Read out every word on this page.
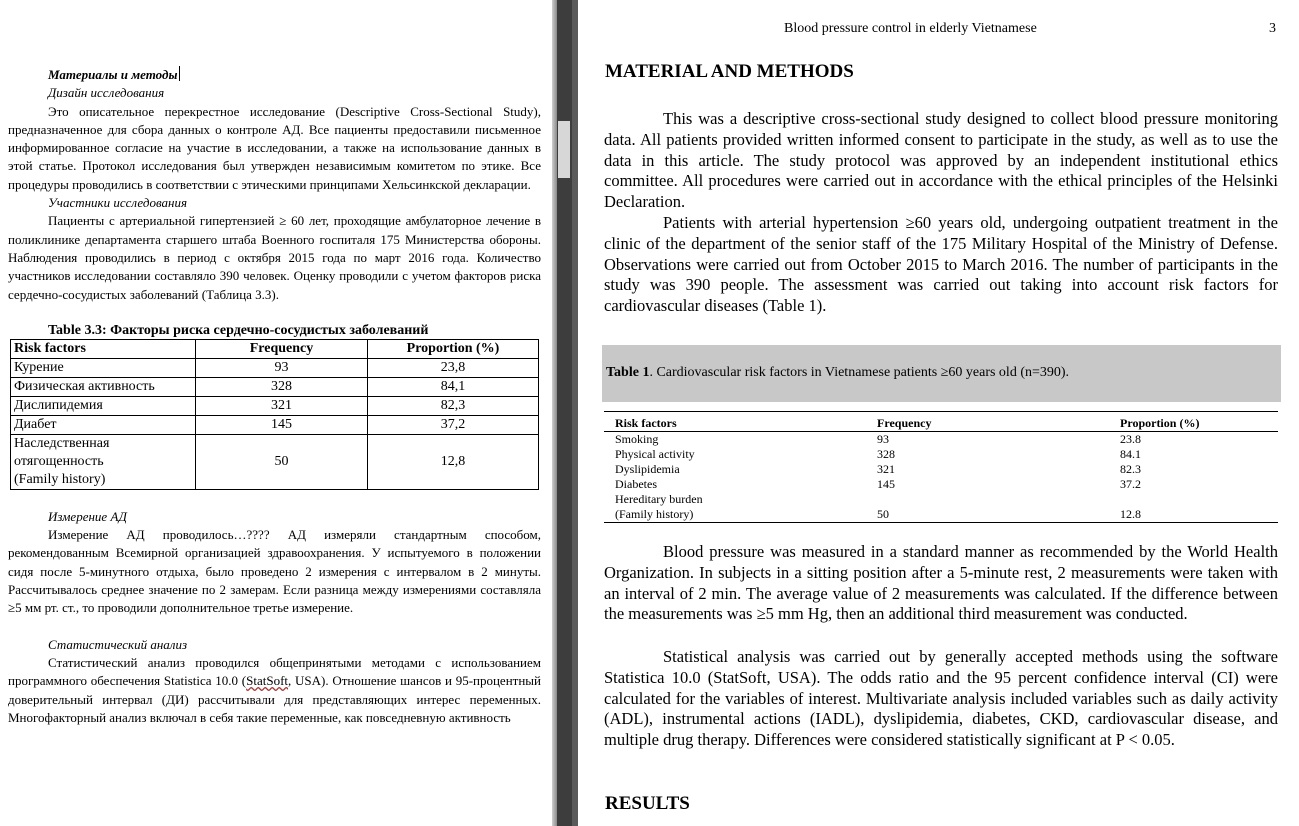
Материалы и методы
Дизайн исследования

Это описательное перекрестное исследование (Descriptive Cross-Sectional Study), предназначенное для сбора данных о контроле АД. Все пациенты предоставили письменное информированное согласие на участие в исследовании, а также на использование данных в этой статье. Протокол исследования был утвержден независимым комитетом по этике. Все процедуры проводились в соответствии с этическими принципами Хельсинкской декларации.

Участники исследования

Пациенты с артериальной гипертензией ≥ 60 лет, проходящие амбулаторное лечение в поликлинике департамента старшего штаба Военного госпиталя 175 Министерства обороны. Наблюдения проводились в период с октября 2015 года по март 2016 года. Количество участников исследовании составляло 390 человек. Оценку проводили с учетом факторов риска сердечно-сосудистых заболеваний (Таблица 3.3).

Table 3.3: Факторы риска сердечно-сосудистых заболеваний
Risk factors	Frequency	Proportion (%)
Курение	93	23,8
Физическая активность	328	84,1
Дислипидемия	321	82,3
Диабет	145	37,2

Наследственная
отягощенность
(Family history)	50	12,8
Измерение АД

Измерение АД проводилось…???? АД измеряли стандартным способом, рекомендованным Всемирной организацией здравоохранения. У испытуемого в положении сидя после 5-минутного отдыха, было проведено 2 измерения с интервалом в 2 минуты. Рассчитывалось среднее значение по 2 замерам. Если разница между измерениями составляла ≥5 мм рт. ст., то проводили дополнительное третье измерение.

Статистический анализ

Статистический анализ проводился общепринятыми методами с использованием программного обеспечения Statistica 10.0 (StatSoft, USA). Отношение шансов и 95-процентный доверительный интервал (ДИ) рассчитывали для представляющих интерес переменных. Многофакторный анализ включал в себя такие переменные, как повседневную активность

Blood pressure control in elderly Vietnamese	3
MATERIAL AND METHODS

This was a descriptive cross-sectional study designed to collect blood pressure monitoring data. All patients provided written informed consent to participate in the study, as well as to use the data in this article. The study protocol was approved by an independent institutional ethics committee. All procedures were carried out in accordance with the ethical principles of the Helsinki Declaration.

Patients with arterial hypertension ≥60 years old, undergoing outpatient treatment in the clinic of the department of the senior staff of the 175 Military Hospital of the Ministry of Defense. Observations were carried out from October 2015 to March 2016. The number of participants in the study was 390 people. The assessment was carried out taking into account risk factors for cardiovascular diseases (Table 1).

Table 1. Cardiovascular risk factors in Vietnamese patients ≥60 years old (n=390).
Risk factors	Frequency	Proportion (%)
Smoking	93	23.8
Physical activity	328	84.1
Dyslipidemia	321	82.3
Diabetes	145	37.2
Hereditary burden
(Family history)	50	12.8

Blood pressure was measured in a standard manner as recommended by the World Health Organization. In subjects in a sitting position after a 5-minute rest, 2 measurements were taken with an interval of 2 min. The average value of 2 measurements was calculated. If the difference between the measurements was ≥5 mm Hg, then an additional third measurement was conducted.

Statistical analysis was carried out by generally accepted methods using the software Statistica 10.0 (StatSoft, USA). The odds ratio and the 95 percent confidence interval (CI) were calculated for the variables of interest. Multivariate analysis included variables such as daily activity (ADL), instrumental actions (IADL), dyslipidemia, diabetes, CKD, cardiovascular disease, and multiple drug therapy. Differences were considered statistically significant at P < 0.05.

RESULTS
